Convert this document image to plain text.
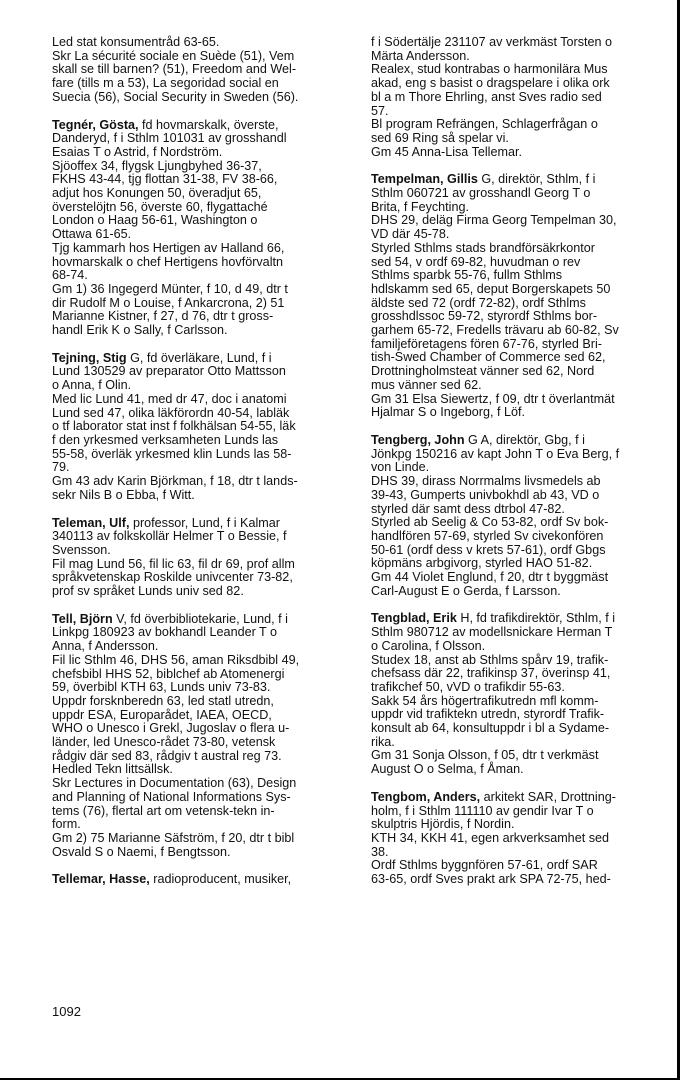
Led stat konsumentråd 63-65.

Skr La sécurité sociale en Suède (51), Vem
skall se till barnen? (51), Freedom and Wel-
fare (tills m a 53), La segoridad social en
Suecia (56), Social Security in Sweden (56).

Tegnér, Gösta, fd hovmarskalk, överste,
Danderyd, f i Sthlm 101031 av grosshandl
Esaias T o Astrid, f Nordström.

Sjöoffex 34, flygsk Ljungbyhed 36-37,
FKHS 43-44, tjg flottan 31-38, FV 38-66,
adjut hos Konungen 50, överadjut 65,
överstelöjtn 56, överste 60, flygattaché
London o Haag 56-61, Washington o
Ottawa 61-65.

Tjg kammarh hos Hertigen av Halland 66,
hovmarskalk o chef Hertigens hovförvaltn
68-74.

Gm 1) 36 Ingegerd Münter, f 10, d 49, dtr t
dir Rudolf M o Louise, f Ankarcrona, 2) 51
Marianne Kistner, f 27, d 76, dtr t gross-
handl Erik K o Sally, f Carlsson.

Tejning, Stig G, fd överläkare, Lund, f i
Lund 130529 av preparator Otto Mattsson
o Anna, f Olin.

Med lic Lund 41, med dr 47, doc i anatomi
Lund sed 47, olika läkförordn 40-54, labläk
o tf laborator stat inst f folkhälsan 54-55, läk
f den yrkesmed verksamheten Lunds las
55-58, överläk yrkesmed klin Lunds las 58-
79.

Gm 43 adv Karin Björkman, f 18, dtr t lands-
sekr Nils B o Ebba, f Witt.

Teleman, Ulf, professor, Lund, f i Kalmar
340113 av folkskollär Helmer T o Bessie, f
Svensson.

Fil mag Lund 56, fil lic 63, fil dr 69, prof allm
språkvetenskap Roskilde univcenter 73-82,
prof sv språket Lunds univ sed 82.

Tell, Björn V, fd överbibliotekarie, Lund, f i
Linkpg 180923 av bokhandl Leander T o
Anna, f Andersson.

Fil lic Sthlm 46, DHS 56, aman Riksdbibl 49,
chefsbibl HHS 52, biblchef ab Atomenergi
59, överbibl KTH 63, Lunds univ 73-83.

Uppdr forsknberedn 63, led statl utredn,
uppdr ESA, Europarådet, IAEA, OECD,
WHO o Unesco i Grekl, Jugoslav o flera u-
länder, led Unesco-rådet 73-80, vetensk
rådgiv där sed 83, rådgiv t austral reg 73.

Hedled Tekn littsällsk.

Skr Lectures in Documentation (63), Design
and Planning of National Informations Sys-
tems (76), flertal art om vetensk-tekn in-
form.

Gm 2) 75 Marianne Säfström, f 20, dtr t bibl
Osvald S o Naemi, f Bengtsson.

Tellemar, Hasse, radioproducent, musiker,

f i Södertälje 231107 av verkmäst Torsten o
Märta Andersson.

Realex, stud kontrabas o harmonilära Mus
akad, eng s basist o dragspelare i olika ork
bl a m Thore Ehrling, anst Sves radio sed
57.

Bl program Refrängen, Schlagerfrågan o
sed 69 Ring så spelar vi.

Gm 45 Anna-Lisa Tellemar.

Tempelman, Gillis G, direktör, Sthlm, f i
Sthlm 060721 av grosshandl Georg T o
Brita, f Feychting.

DHS 29, deläg Firma Georg Tempelman 30,
VD där 45-78.

Styrled Sthlms stads brandförsäkrkontor
sed 54, v ordf 69-82, huvudman o rev
Sthlms sparbk 55-76, fullm Sthlms
hdlskamm sed 65, deput Borgerskapets 50
äldste sed 72 (ordf 72-82), ordf Sthlms
grosshdlssoc 59-72, styrordf Sthlms bor-
garhem 65-72, Fredells trävaru ab 60-82, Sv
familjeföretagens fören 67-76, styrled Bri-
tish-Swed Chamber of Commerce sed 62,
Drottningholmsteat vänner sed 62, Nord
mus vänner sed 62.

Gm 31 Elsa Siewertz, f 09, dtr t överlantmät
Hjalmar S o Ingeborg, f Löf.

Tengberg, John G A, direktör, Gbg, f i
Jönkpg 150216 av kapt John T o Eva Berg, f
von Linde.

DHS 39, dirass Norrmalms livsmedels ab
39-43, Gumperts univbokhdl ab 43, VD o
styrled där samt dess dtrbol 47-82.

Styrled ab Seelig & Co 53-82, ordf Sv bok-
handlfören 57-69, styrled Sv civekonfören
50-61 (ordf dess v krets 57-61), ordf Gbgs
köpmäns arbgivorg, styrled HAO 51-82.

Gm 44 Violet Englund, f 20, dtr t byggmäst
Carl-August E o Gerda, f Larsson.

Tengblad, Erik H, fd trafikdirektör, Sthlm, f i
Sthlm 980712 av modellsnickare Herman T
o Carolina, f Olsson.

Studex 18, anst ab Sthlms spårv 19, trafik-
chefsass där 22, trafikinsp 37, överinsp 41,
trafikchef 50, vVD o trafikdir 55-63.

Sakk 54 års högertrafikutredn mfl komm-
uppdr vid trafiktekn utredn, styrordf Trafik-
konsult ab 64, konsultuppdr i bl a Sydame-
rika.

Gm 31 Sonja Olsson, f 05, dtr t verkmäst
August O o Selma, f Åman.

Tengbom, Anders, arkitekt SAR, Drottning-
holm, f i Sthlm 111110 av gendir Ivar T o
skulptris Hjördis, f Nordin.

KTH 34, KKH 41, egen arkverksamhet sed
38.

Ordf Sthlms byggnfören 57-61, ordf SAR
63-65, ordf Sves prakt ark SPA 72-75, hed-

1092
